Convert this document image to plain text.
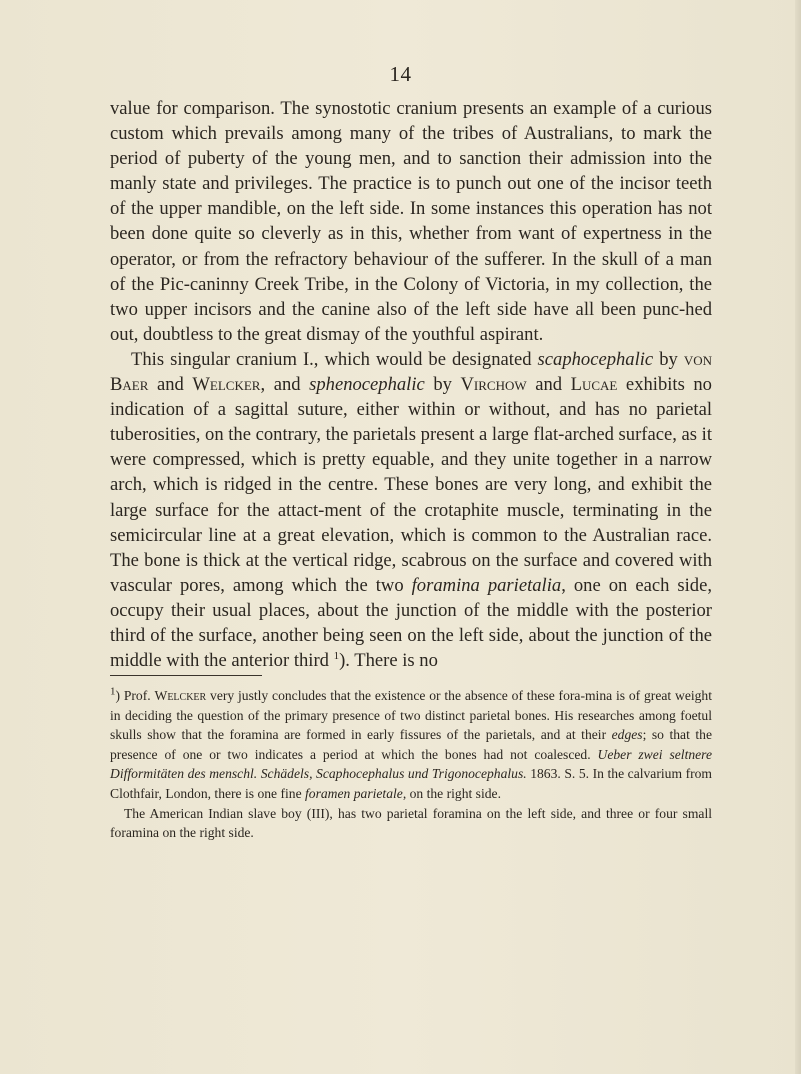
14

value for comparison. The synostotic cranium presents an example of a curious custom which prevails among many of the tribes of Australians, to mark the period of puberty of the young men, and to sanction their admission into the manly state and privileges. The practice is to punch out one of the incisor teeth of the upper mandible, on the left side. In some instances this operation has not been done quite so cleverly as in this, whether from want of expertness in the operator, or from the refractory behaviour of the sufferer. In the skull of a man of the Pic-caninny Creek Tribe, in the Colony of Victoria, in my collection, the two upper incisors and the canine also of the left side have all been punc-hed out, doubtless to the great dismay of the youthful aspirant.

This singular cranium I., which would be designated scaphocephalic by von Baer and Welcker, and sphenocephalic by Virchow and Lucae exhibits no indication of a sagittal suture, either within or without, and has no parietal tuberosities, on the contrary, the parietals present a large flat-arched surface, as it were compressed, which is pretty equable, and they unite together in a narrow arch, which is ridged in the centre. These bones are very long, and exhibit the large surface for the attact-ment of the crotaphite muscle, terminating in the semicircular line at a great elevation, which is common to the Australian race. The bone is thick at the vertical ridge, scabrous on the surface and covered with vascular pores, among which the two foramina parietalia, one on each side, occupy their usual places, about the junction of the middle with the posterior third of the surface, another being seen on the left side, about the junction of the middle with the anterior third $^1$). There is no

$^1$) Prof. Welcker very justly concludes that the existence or the absence of these fora-mina is of great weight in deciding the question of the primary presence of two distinct parietal bones. His researches among foetul skulls show that the foramina are formed in early fissures of the parietals, and at their edges; so that the presence of one or two indicates a period at which the bones had not coalesced. Ueber zwei seltnere Difformitäten des menschl. Schädels, Scaphocephalus und Trigonocephalus. 1863. S. 5. In the calvarium from Clothfair, London, there is one fine foramen parietale, on the right side.

The American Indian slave boy (III), has two parietal foramina on the left side, and three or four small foramina on the right side.
